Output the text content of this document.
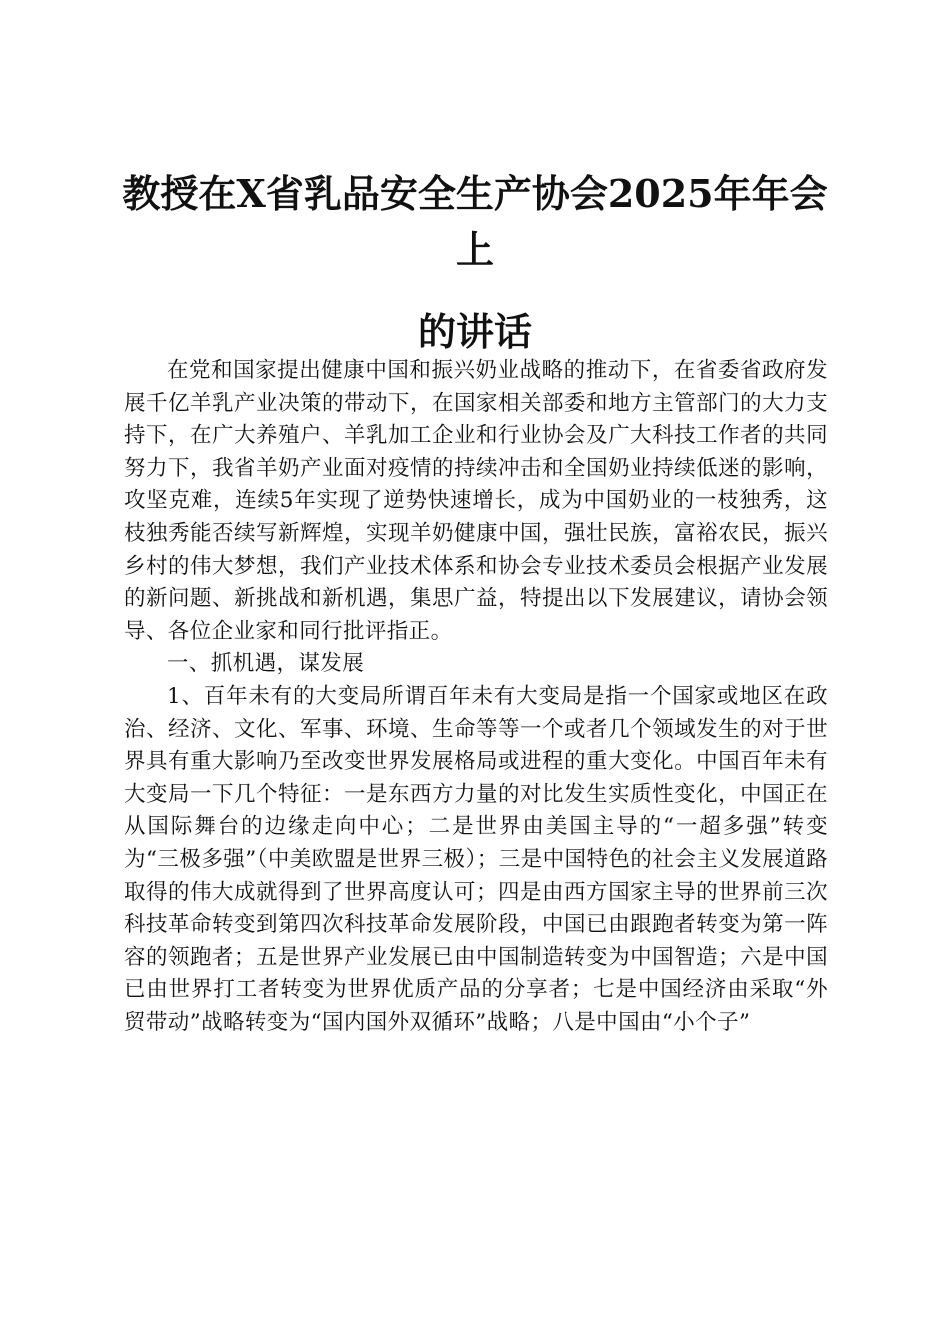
教授在X省乳品安全生产协会2025年年会上
的讲话

在党和国家提出健康中国和振兴奶业战略的推动下，在省委省政府发展千亿羊乳产业决策的带动下，在国家相关部委和地方主管部门的大力支持下，在广大养殖户、羊乳加工企业和行业协会及广大科技工作者的共同努力下，我省羊奶产业面对疫情的持续冲击和全国奶业持续低迷的影响，攻坚克难，连续5年实现了逆势快速增长，成为中国奶业的一枝独秀，这枝独秀能否续写新辉煌，实现羊奶健康中国，强壮民族，富裕农民，振兴乡村的伟大梦想，我们产业技术体系和协会专业技术委员会根据产业发展的新问题、新挑战和新机遇，集思广益，特提出以下发展建议，请协会领导、各位企业家和同行批评指正。

一、抓机遇，谋发展

1、百年未有的大变局所谓百年未有大变局是指一个国家或地区在政治、经济、文化、军事、环境、生命等等一个或者几个领域发生的对于世界具有重大影响乃至改变世界发展格局或进程的重大变化。中国百年未有大变局一下几个特征：一是东西方力量的对比发生实质性变化，中国正在从国际舞台的边缘走向中心；二是世界由美国主导的“一超多强”转变为“三极多强”（中美欧盟是世界三极）；三是中国特色的社会主义发展道路取得的伟大成就得到了世界高度认可；四是由西方国家主导的世界前三次科技革命转变到第四次科技革命发展阶段，中国已由跟跑者转变为第一阵容的领跑者；五是世界产业发展已由中国制造转变为中国智造；六是中国已由世界打工者转变为世界优质产品的分享者；七是中国经济由采取“外贸带动”战略转变为“国内国外双循环”战略；八是中国由“小个子”
